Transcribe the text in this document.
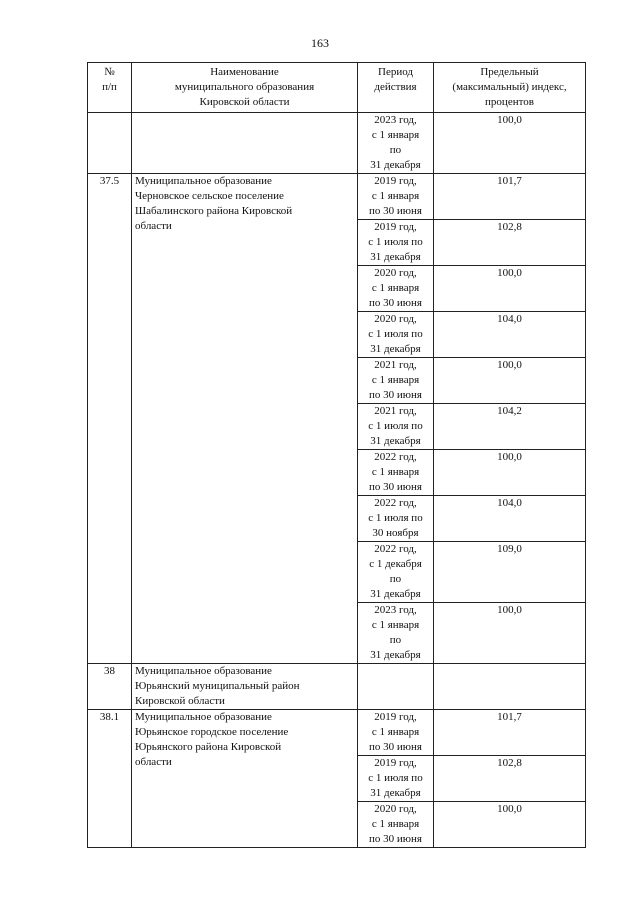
163
№
п/п	Наименование
муниципального образования
Кировской области	Период
действия	Предельный
(максимальный) индекс,
процентов
		2023 год,
с 1 января
по
31 декабря	100,0
37.5	Муниципальное образование
Черновское сельское поселение
Шабалинского района Кировской
области	2019 год,
с 1 января
по 30 июня	101,7
		2019 год,
с 1 июля по
31 декабря	102,8
		2020 год,
с 1 января
по 30 июня	100,0
		2020 год,
с 1 июля по
31 декабря	104,0
		2021 год,
с 1 января
по 30 июня	100,0
		2021 год,
с 1 июля по
31 декабря	104,2
		2022 год,
с 1 января
по 30 июня	100,0
		2022 год,
с 1 июля по
30 ноября	104,0
		2022 год,
с 1 декабря
по
31 декабря	109,0
		2023 год,
с 1 января
по
31 декабря	100,0
38	Муниципальное образование
Юрьянский муниципальный район
Кировской области		
38.1	Муниципальное образование
Юрьянское городское поселение
Юрьянского района Кировской
области	2019 год,
с 1 января
по 30 июня	101,7
		2019 год,
с 1 июля по
31 декабря	102,8
		2020 год,
с 1 января
по 30 июня	100,0
